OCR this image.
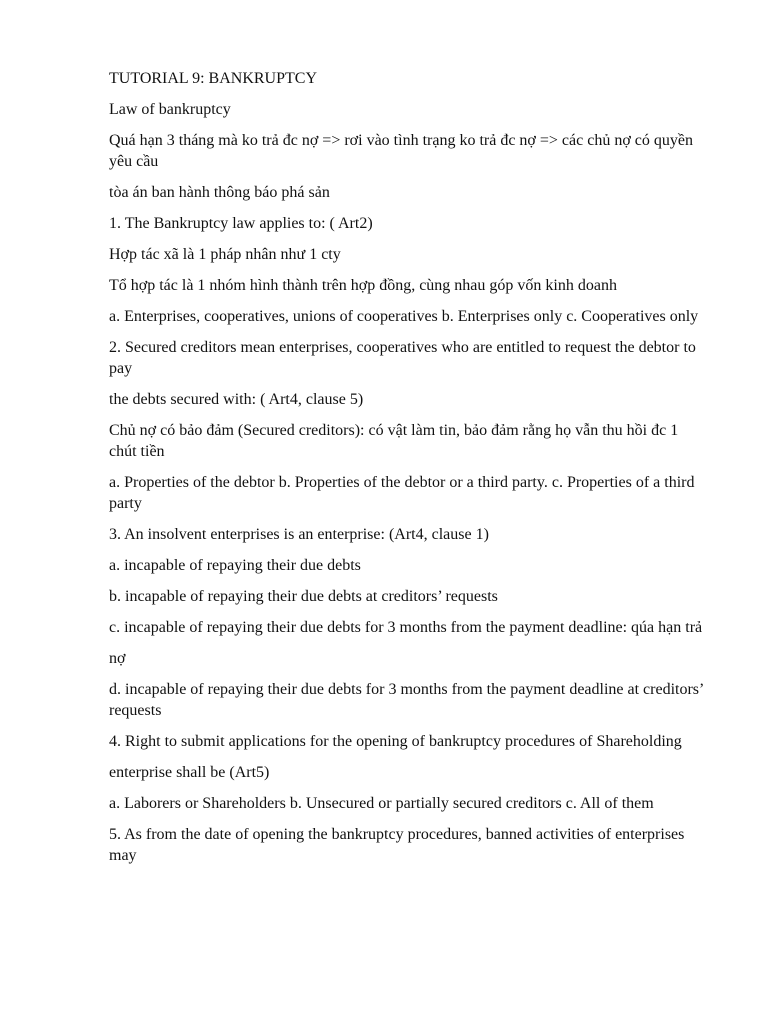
TUTORIAL 9: BANKRUPTCY

Law of bankruptcy

Quá hạn 3 tháng mà ko trả đc nợ => rơi vào tình trạng ko trả đc nợ => các chủ nợ có quyền yêu cầu

tòa án ban hành thông báo phá sản

1. The Bankruptcy law applies to: ( Art2)

Hợp tác xã là 1 pháp nhân như 1 cty

Tổ hợp tác là 1 nhóm hình thành trên hợp đồng, cùng nhau góp vốn kinh doanh

a. Enterprises, cooperatives, unions of cooperatives b. Enterprises only c. Cooperatives only

2. Secured creditors mean enterprises, cooperatives who are entitled to request the debtor to pay

the debts secured with: ( Art4, clause 5)

Chủ nợ có bảo đảm (Secured creditors): có vật làm tin, bảo đảm rằng họ vẫn thu hồi đc 1 chút tiền

a. Properties of the debtor b. Properties of the debtor or a third party. c. Properties of a third party

3. An insolvent enterprises is an enterprise: (Art4, clause 1)

a. incapable of repaying their due debts

b. incapable of repaying their due debts at creditors’ requests

c. incapable of repaying their due debts for 3 months from the payment deadline: qúa hạn trả

nợ

d. incapable of repaying their due debts for 3 months from the payment deadline at creditors’ requests

4. Right to submit applications for the opening of bankruptcy procedures of Shareholding

enterprise shall be (Art5)

a. Laborers or Shareholders b. Unsecured or partially secured creditors c. All of them

5. As from the date of opening the bankruptcy procedures, banned activities of enterprises may
